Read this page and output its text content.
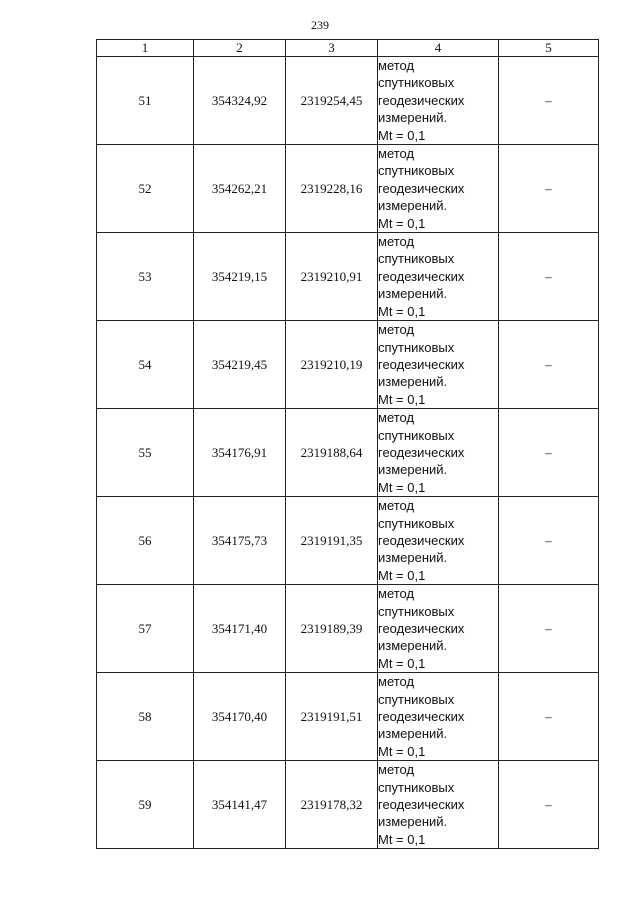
239
1	2	3	4	5
51	354324,92	2319254,45	метод
спутниковых
геодезических
измерений.
Mt = 0,1	–
52	354262,21	2319228,16	метод
спутниковых
геодезических
измерений.
Mt = 0,1	–
53	354219,15	2319210,91	метод
спутниковых
геодезических
измерений.
Mt = 0,1	–
54	354219,45	2319210,19	метод
спутниковых
геодезических
измерений.
Mt = 0,1	–
55	354176,91	2319188,64	метод
спутниковых
геодезических
измерений.
Mt = 0,1	–
56	354175,73	2319191,35	метод
спутниковых
геодезических
измерений.
Mt = 0,1	–
57	354171,40	2319189,39	метод
спутниковых
геодезических
измерений.
Mt = 0,1	–
58	354170,40	2319191,51	метод
спутниковых
геодезических
измерений.
Mt = 0,1	–
59	354141,47	2319178,32	метод
спутниковых
геодезических
измерений.
Mt = 0,1	–
